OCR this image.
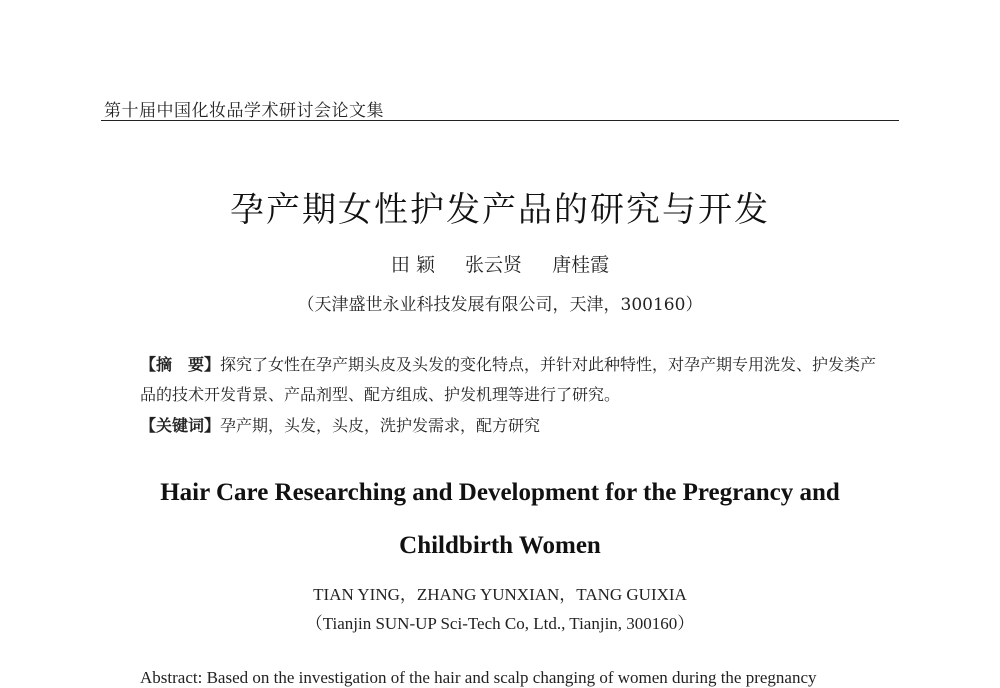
第十届中国化妆品学术研讨会论文集
孕产期女性护发产品的研究与开发
田 颖 张云贤 唐桂霞
（天津盛世永业科技发展有限公司，天津，300160）
【摘　要】探究了女性在孕产期头皮及头发的变化特点，并针对此种特性，对孕产期专用洗发、护发类产品的技术开发背景、产品剂型、配方组成、护发机理等进行了研究。
【关键词】孕产期，头发，头皮，洗护发需求，配方研究
Hair Care Researching and Development for the Pregrancy and
Childbirth Women
TIAN YING，ZHANG YUNXIAN，TANG GUIXIA
（Tianjin SUN-UP Sci-Tech Co, Ltd., Tianjin, 300160）
Abstract: Based on the investigation of the hair and scalp changing of women during the pregnancy
